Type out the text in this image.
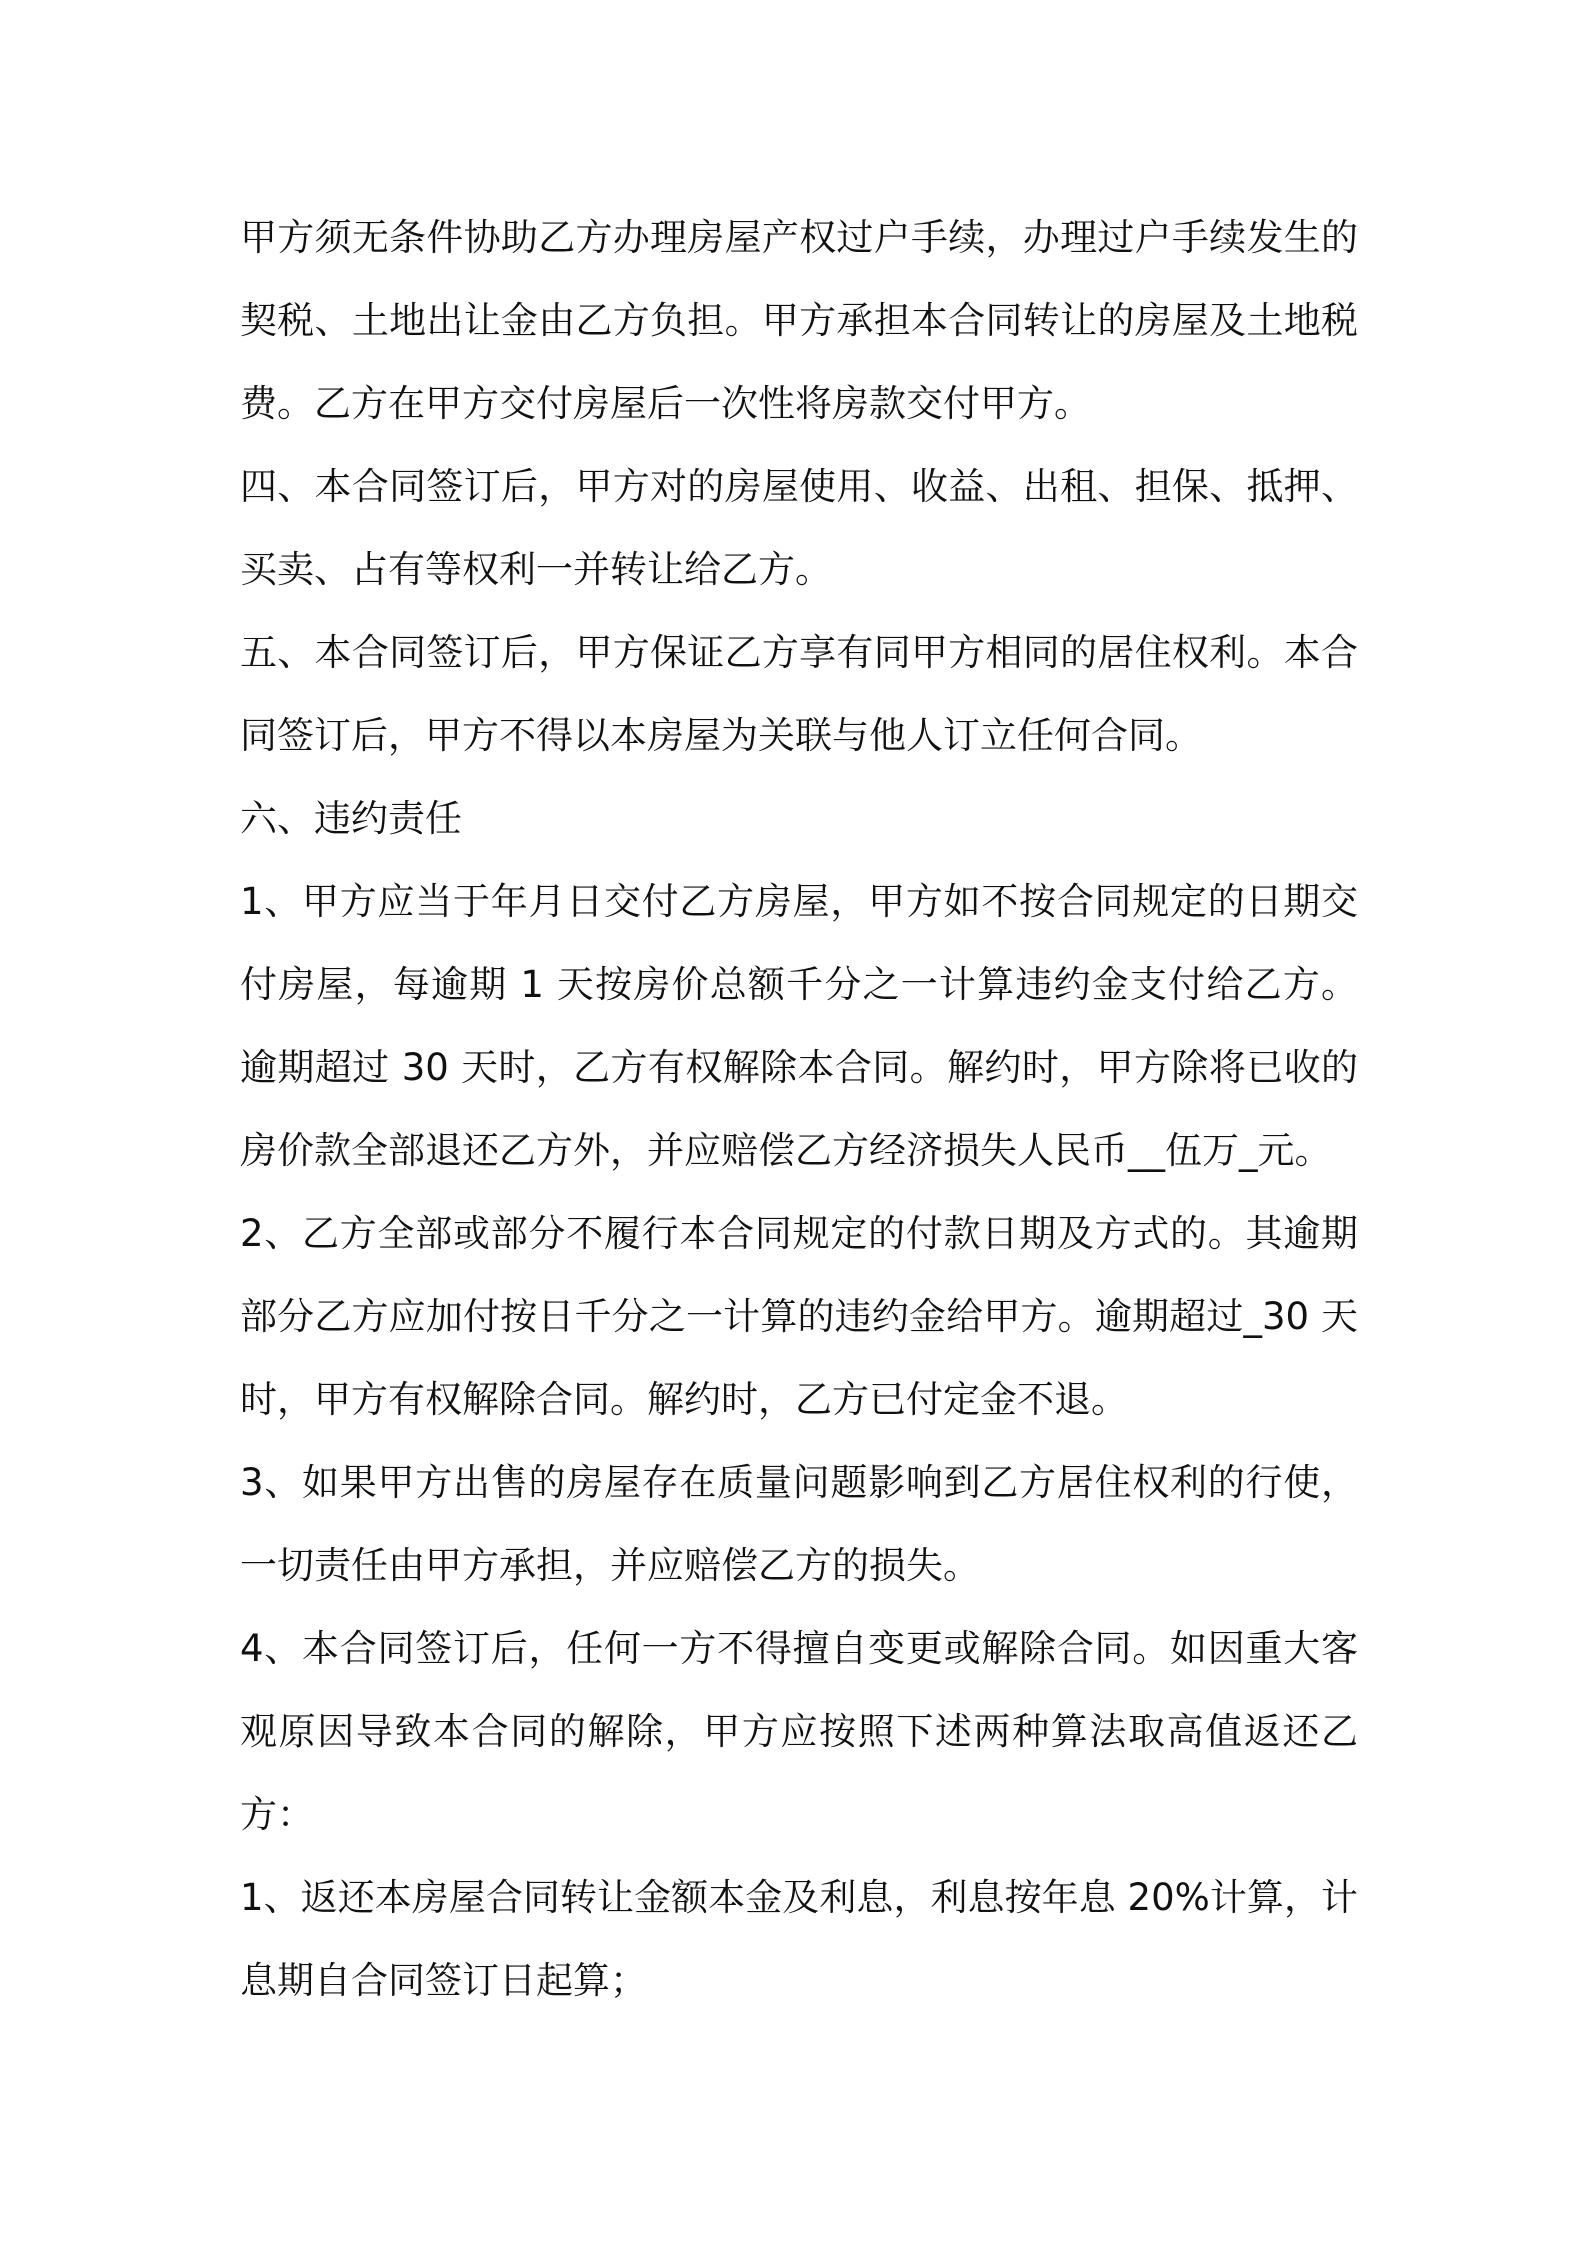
甲方须无条件协助乙方办理房屋产权过户手续，办理过户手续发生的契税、土地出让金由乙方负担。甲方承担本合同转让的房屋及土地税费。乙方在甲方交付房屋后一次性将房款交付甲方。

四、本合同签订后，甲方对的房屋使用、收益、出租、担保、抵押、买卖、占有等权利一并转让给乙方。

五、本合同签订后，甲方保证乙方享有同甲方相同的居住权利。本合同签订后，甲方不得以本房屋为关联与他人订立任何合同。

六、违约责任

1、甲方应当于年月日交付乙方房屋，甲方如不按合同规定的日期交付房屋，每逾期 1 天按房价总额千分之一计算违约金支付给乙方。逾期超过 30 天时，乙方有权解除本合同。解约时，甲方除将已收的房价款全部退还乙方外，并应赔偿乙方经济损失人民币__伍万_元。

2、乙方全部或部分不履行本合同规定的付款日期及方式的。其逾期部分乙方应加付按日千分之一计算的违约金给甲方。逾期超过_30 天时，甲方有权解除合同。解约时，乙方已付定金不退。

3、如果甲方出售的房屋存在质量问题影响到乙方居住权利的行使，一切责任由甲方承担，并应赔偿乙方的损失。

4、本合同签订后，任何一方不得擅自变更或解除合同。如因重大客观原因导致本合同的解除，甲方应按照下述两种算法取高值返还乙方：

1、返还本房屋合同转让金额本金及利息，利息按年息 20%计算，计息期自合同签订日起算；
